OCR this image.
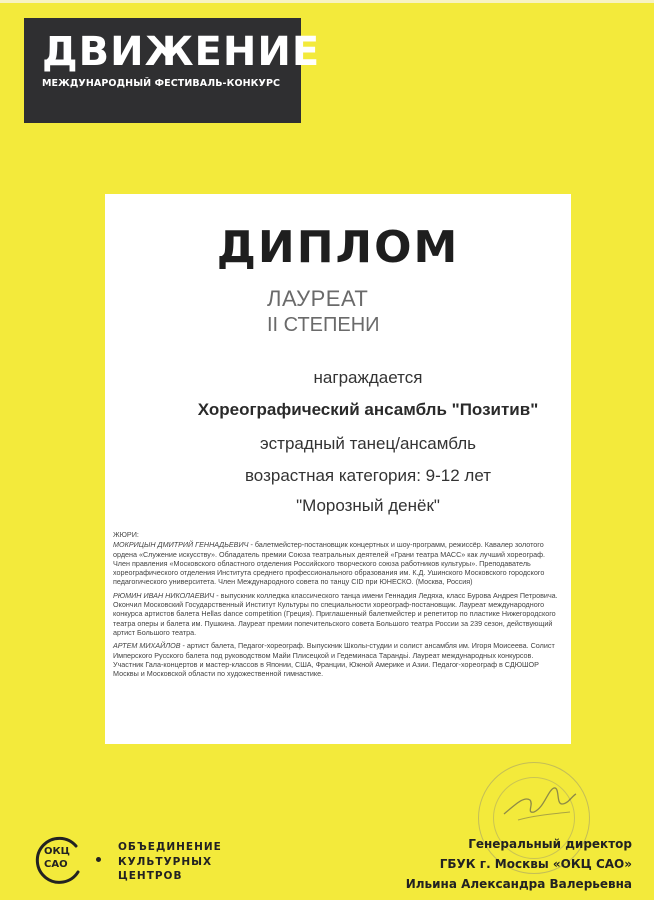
ДВИЖЕНИЕ
МЕЖДУНАРОДНЫЙ ФЕСТИВАЛЬ-КОНКУРС
ДИПЛОМ
ЛАУРЕАТ
II СТЕПЕНИ
награждается
Хореографический ансамбль "Позитив"
эстрадный танец/ансамбль
возрастная категория: 9-12 лет
"Морозный денёк"

ЖЮРИ:

МОКРИЦЫН ДМИТРИЙ ГЕННАДЬЕВИЧ - балетмейстер-постановщик концертных и шоу-программ, режиссёр. Кавалер золотого ордена «Служение искусству». Обладатель премии Союза театральных деятелей «Грани театра МАСС» как лучший хореограф. Член правления «Московского областного отделения Российского творческого союза работников культуры». Преподаватель хореографического отделения Института среднего профессионального образования им. К.Д. Ушинского Московского городского педагогического университета. Член Международного совета по танцу CID при ЮНЕСКО. (Москва, Россия)

РЮМИН ИВАН НИКОЛАЕВИЧ - выпускник колледжа классического танца имени Геннадия Ледяха, класс Бурова Андрея Петровича. Окончил Московский Государственный Институт Культуры по специальности хореограф-постановщик. Лауреат международного конкурса артистов балета Hellas dance competition (Греция). Приглашенный балетмейстер и репетитор по пластике Нижегородского театра оперы и балета им. Пушкина. Лауреат премии попечительского совета Большого театра России за 239 сезон, действующий артист Большого театра.

АРТЕМ МИХАЙЛОВ - артист балета, Педагог-хореограф. Выпускник Школы-студии и солист ансамбля им. Игоря Моисеева. Солист Имперского Русского балета под руководством Майи Плисецкой и Гедеминаса Тарандьі. Лауреат международных конкурсов. Участник Гала-концертов и мастер-классов в Японии, США, Франции, Южной Америке и Азии. Педагог-хореограф в СДЮШОР Москвы и Московской области по художественной гимнастике.

ОКЦ
САО
ОБЪЕДИНЕНИЕ
КУЛЬТУРНЫХ
ЦЕНТРОВ
Генеральный директор
ГБУК г. Москвы «ОКЦ САО»
Ильина Александра Валерьевна
